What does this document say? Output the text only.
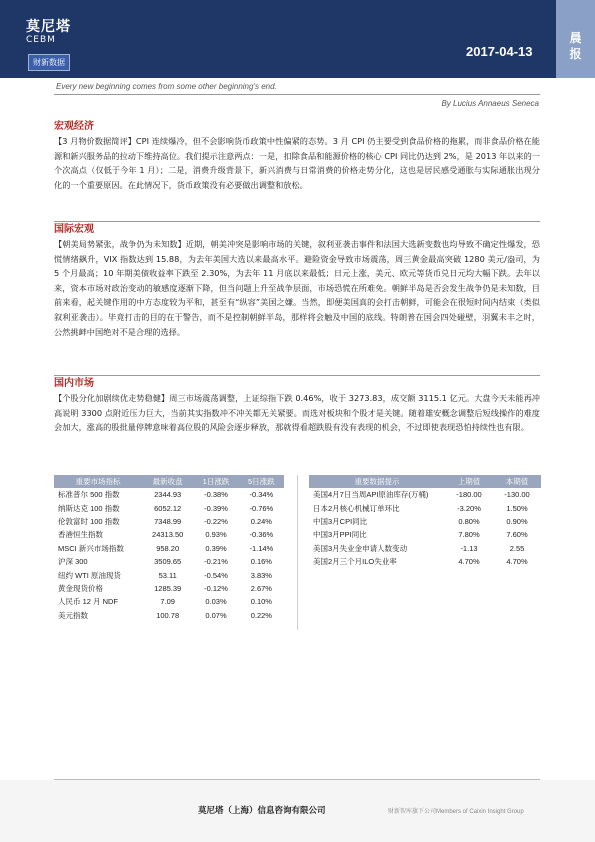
莫尼塔
CEBM
财新数据
2017-04-13
晨
报
Every new beginning comes from some other beginning's end.
By Lucius Annaeus Seneca
宏观经济
【3 月物价数据简评】CPI 连续爆冷，但不会影响货币政策中性偏紧的态势。3 月 CPI 仍主要受到食品价格的拖累，而非食品价格在能源和新兴服务品的拉动下维持高位。我们提示注意两点：一是，扣除食品和能源价格的核心 CPI 同比仍达到 2%，是 2013 年以来的一个次高点（仅低于今年 1 月）；二是，消费升级背景下，新兴消费与日常消费的价格走势分化，这也是居民感受通胀与实际通胀出现分化的一个重要原因。在此情况下，货币政策没有必要做出调整和放松。
国际宏观
【朝美局势紧张，战争仍为未知数】近期，朝美冲突是影响市场的关键，叙利亚袭击事件和法国大选新变数也均导致不确定性爆发，恐慌情绪飙升，VIX 指数达到 15.88，为去年美国大选以来最高水平。避险资金导致市场震荡，周三黄金最高突破 1280 美元/盎司，为 5 个月最高；10 年期美债收益率下跌至 2.30%，为去年 11 月底以来最低；日元上涨，美元、欧元等货币兑日元均大幅下跌。去年以来，资本市场对政治变动的敏感度逐渐下降，但当问题上升至战争层面，市场恐慌在所难免。朝鲜半岛是否会发生战争仍是未知数，目前来看，起关键作用的中方态度较为平和，甚至有“纵容”美国之嫌。当然，即便美国真的会打击朝鲜，可能会在很短时间内结束（类似叙利亚袭击）。毕竟打击的目的在于警告，而不是控制朝鲜半岛，那样将会触及中国的底线。特朗普在国会四处碰壁，羽翼未丰之时，公然挑衅中国绝对不是合理的选择。
国内市场
【个股分化加剧续优走势稳健】周三市场震荡调整，上证综指下跌 0.46%，收于 3273.83，成交额 3115.1 亿元。大盘今天未能再冲高说明 3300 点附近压力巨大，当前其实指数冲不冲关都无关紧要。而选对板块和个股才是关键。随着雄安概念调整后短线操作的难度会加大，涨高的股批量停牌意味着高位股的风险会逐步释放，那就得看超跌股有没有表现的机会，不过即使表现恐怕持续性也有限。
重要市场指标	最新收盘	1日涨跌	5日涨跌
标准普尔 500 指数	2344.93	-0.38%	-0.34%
纳斯达克 100 指数	6052.12	-0.39%	-0.76%
伦敦富时 100 指数	7348.99	-0.22%	0.24%
香港恒生指数	24313.50	0.93%	-0.36%
MSCI 新兴市场指数	958.20	0.39%	-1.14%
沪深 300	3509.65	-0.21%	0.16%
纽约 WTI 原油现货	53.11	-0.54%	3.83%
黄金现货价格	1285.39	-0.12%	2.67%
人民币 12 月 NDF	7.09	0.03%	0.10%
美元指数	100.78	0.07%	0.22%
重要数据提示	上期值	本期值
美国4月7日当周API原油库存(万桶)	-180.00	-130.00
日本2月核心机械订单环比	-3.20%	1.50%
中国3月CPI同比	0.80%	0.90%
中国3月PPI同比	7.80%	7.60%
美国3月失业金申请人数变动	-1.13	2.55
美国2月三个月ILO失业率	4.70%	4.70%
莫尼塔（上海）信息咨询有限公司	财新智库旗下公司Members of Caixin Insight Group
